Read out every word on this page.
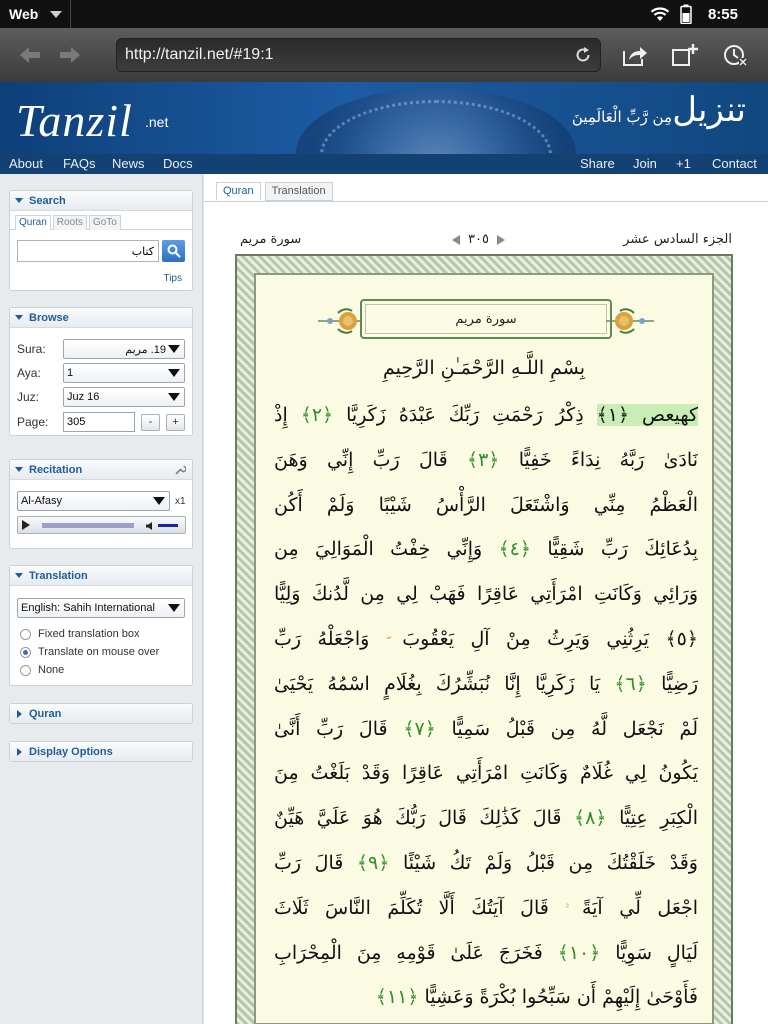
Web	8:55
http://tanzil.net/#19:1
Tanzil .net	مِن رَّبِّ الْعَالَمِينَ تنزيل
About FAQs News Docs	Share Join +1 Contact
Search
Quran	Roots	GoTo
كتاب
Tips
Browse
Sura:	19. مريم
Aya:	1
Juz:	Juz 16
Page:
305	-	+
Recitation
Al-Afasy	x1
Translation
English: Sahih International
Fixed translation box
Translate on mouse over
None
Quran
Display Options
Quran	Translation
سورة مريم	٣٠٥	الجزء السادس عشر
سورة مريم
بِسْمِ اللَّـهِ الرَّحْمَـٰنِ الرَّحِيمِ
كهيعص ﴿١﴾ ذِكْرُ رَحْمَتِ رَبِّكَ عَبْدَهُ زَكَرِيَّا ﴿٢﴾ إِذْ
نَادَىٰ رَبَّهُ نِدَاءً خَفِيًّا ﴿٣﴾ قَالَ رَبِّ إِنِّي وَهَنَ
الْعَظْمُ مِنِّي وَاشْتَعَلَ الرَّأْسُ شَيْبًا وَلَمْ أَكُن
بِدُعَائِكَ رَبِّ شَقِيًّا ﴿٤﴾ وَإِنِّي خِفْتُ الْمَوَالِيَ مِن
وَرَائِي وَكَانَتِ امْرَأَتِي عَاقِرًا فَهَبْ لِي مِن لَّدُنكَ وَلِيًّا
﴿٥﴾ يَرِثُنِي وَيَرِثُ مِنْ آلِ يَعْقُوبَ وَاجْعَلْهُ رَبِّ
رَضِيًّا ﴿٦﴾ يَا زَكَرِيَّا إِنَّا نُبَشِّرُكَ بِغُلَامٍ اسْمُهُ يَحْيَىٰ
لَمْ نَجْعَل لَّهُ مِن قَبْلُ سَمِيًّا ﴿٧﴾ قَالَ رَبِّ أَنَّىٰ
يَكُونُ لِي غُلَامٌ وَكَانَتِ امْرَأَتِي عَاقِرًا وَقَدْ بَلَغْتُ مِنَ
الْكِبَرِ عِتِيًّا ﴿٨﴾ قَالَ كَذَٰلِكَ قَالَ رَبُّكَ هُوَ عَلَيَّ هَيِّنٌ
وَقَدْ خَلَقْتُكَ مِن قَبْلُ وَلَمْ تَكُ شَيْئًا ﴿٩﴾ قَالَ رَبِّ
اجْعَل لِّي آيَةً قَالَ آيَتُكَ أَلَّا تُكَلِّمَ النَّاسَ ثَلَاثَ
لَيَالٍ سَوِيًّا ﴿١٠﴾ فَخَرَجَ عَلَىٰ قَوْمِهِ مِنَ الْمِحْرَابِ
فَأَوْحَىٰ إِلَيْهِمْ أَن سَبِّحُوا بُكْرَةً وَعَشِيًّا ﴿١١﴾
